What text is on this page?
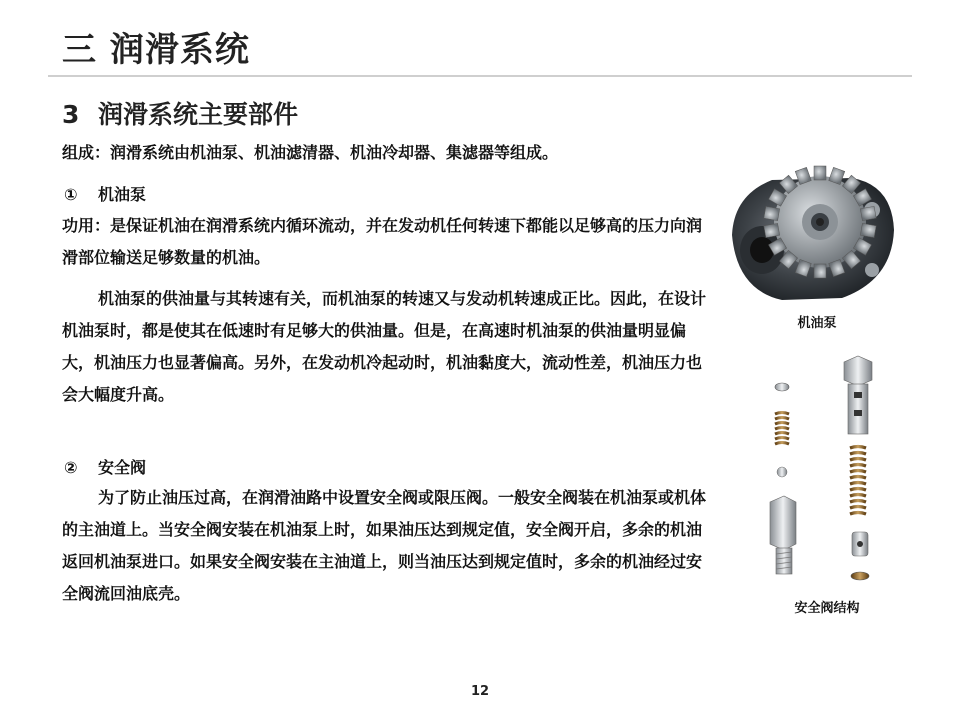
三 润滑系统
3 润滑系统主要部件
组成：润滑系统由机油泵、机油滤清器、机油冷却器、集滤器等组成。
① 机油泵
功用：是保证机油在润滑系统内循环流动，并在发动机任何转速下都能以足够高的压力向润滑部位输送足够数量的机油。
机油泵的供油量与其转速有关，而机油泵的转速又与发动机转速成正比。因此，在设计机油泵时，都是使其在低速时有足够大的供油量。但是，在高速时机油泵的供油量明显偏大，机油压力也显著偏高。另外，在发动机冷起动时，机油黏度大，流动性差，机油压力也会大幅度升高。
② 安全阀
为了防止油压过高，在润滑油路中设置安全阀或限压阀。一般安全阀装在机油泵或机体的主油道上。当安全阀安装在机油泵上时，如果油压达到规定值，安全阀开启，多余的机油返回机油泵进口。如果安全阀安装在主油道上，则当油压达到规定值时，多余的机油经过安全阀流回油底壳。
机油泵
安全阀结构
12
